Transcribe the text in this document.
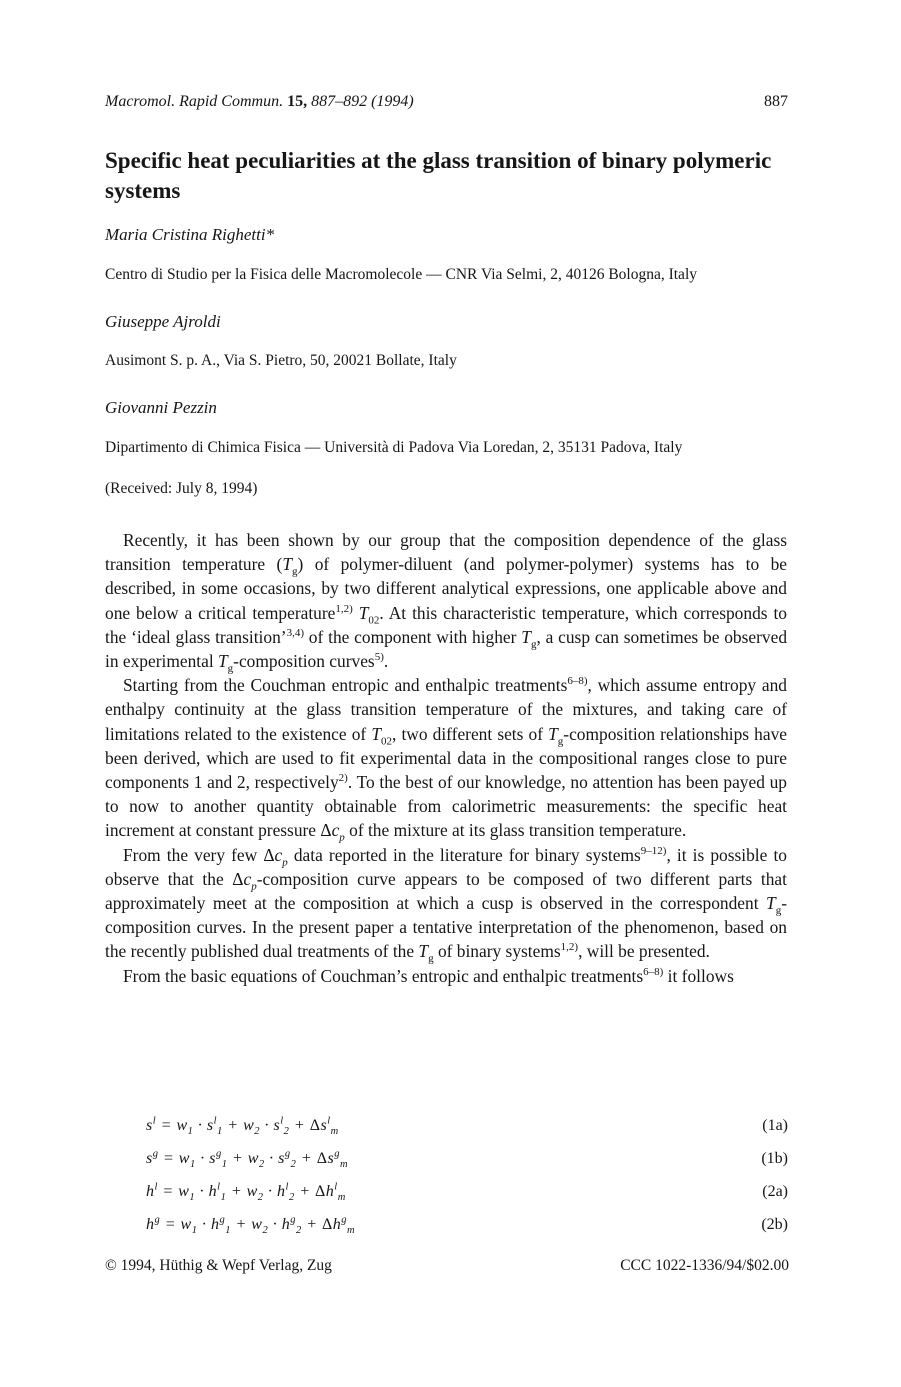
Macromol. Rapid Commun. 15, 887–892 (1994)	887
Specific heat peculiarities at the glass transition of binary polymeric systems
Maria Cristina Righetti*
Centro di Studio per la Fisica delle Macromolecole — CNR Via Selmi, 2, 40126 Bologna, Italy
Giuseppe Ajroldi
Ausimont S. p. A., Via S. Pietro, 50, 20021 Bollate, Italy
Giovanni Pezzin
Dipartimento di Chimica Fisica — Università di Padova Via Loredan, 2, 35131 Padova, Italy
(Received: July 8, 1994)

Recently, it has been shown by our group that the composition dependence of the glass transition temperature $(T_g)$ of polymer-diluent (and polymer-polymer) systems has to be described, in some occasions, by two different analytical expressions, one applicable above and one below a critical temperature$^{1,2)}$ $T_{02}$. At this characteristic temperature, which corresponds to the ‘ideal glass transition’$^{3,4)}$ of the component with higher $T_g$, a cusp can sometimes be observed in experimental $T_g$-composition curves$^{5)}$.

Starting from the Couchman entropic and enthalpic treatments$^{6-8)}$, which assume entropy and enthalpy continuity at the glass transition temperature of the mixtures, and taking care of limitations related to the existence of $T_{02}$, two different sets of $T_g$-composition relationships have been derived, which are used to fit experimental data in the compositional ranges close to pure components 1 and 2, respectively$^{2)}$. To the best of our knowledge, no attention has been payed up to now to another quantity obtainable from calorimetric measurements: the specific heat increment at constant pressure $\Delta c_p$ of the mixture at its glass transition temperature.

From the very few $\Delta c_p$ data reported in the literature for binary systems$^{9-12)}$, it is possible to observe that the $\Delta c_p$-composition curve appears to be composed of two different parts that approximately meet at the composition at which a cusp is observed in the correspondent $T_g$-composition curves. In the present paper a tentative interpretation of the phenomenon, based on the recently published dual treatments of the $T_g$ of binary systems$^{1,2)}$, will be presented.

From the basic equations of Couchman’s entropic and enthalpic treatments$^{6-8)}$ it follows

$s^l = w_1 \cdot s^l_1 + w_2 \cdot s^l_2 + \Delta s^l_m$	(1a)
$s^g = w_1 \cdot s^g_1 + w_2 \cdot s^g_2 + \Delta s^g_m$	(1b)
$h^l = w_1 \cdot h^l_1 + w_2 \cdot h^l_2 + \Delta h^l_m$	(2a)
$h^g = w_1 \cdot h^g_1 + w_2 \cdot h^g_2 + \Delta h^g_m$	(2b)
© 1994, Hüthig & Wepf Verlag, Zug	CCC 1022-1336/94/$02.00
